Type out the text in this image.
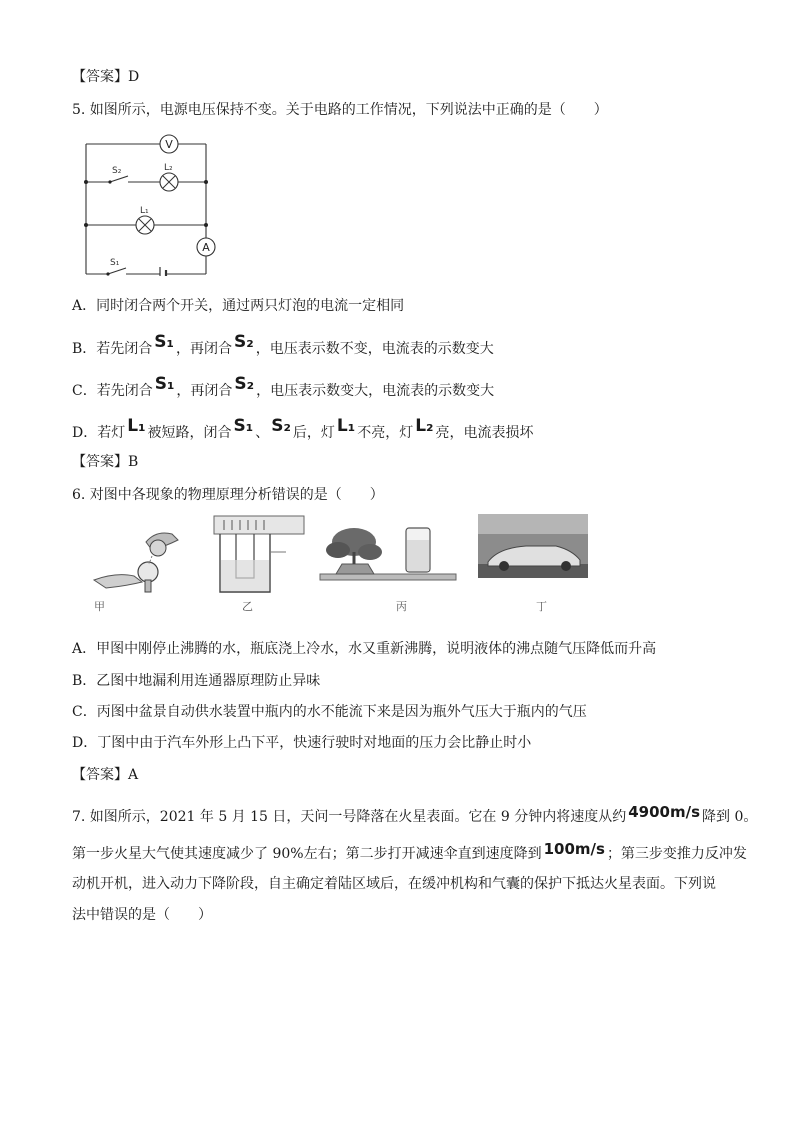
【答案】D
5. 如图所示，电源电压保持不变。关于电路的工作情况，下列说法中正确的是（　　）
V
A
S₂	L₂
L₁
S₁
A．同时闭合两个开关，通过两只灯泡的电流一定相同
B．若先闭合 S₁ ，再闭合 S₂ ，电压表示数不变，电流表的示数变大
C．若先闭合 S₁ ，再闭合 S₂ ，电压表示数变大，电流表的示数变大
D．若灯 L₁ 被短路，闭合 S₁ 、 S₂ 后，灯 L₁ 不亮，灯 L₂ 亮，电流表损坏
【答案】B
6. 对图中各现象的物理原理分析错误的是（　　）
甲	乙	丙	丁
A．甲图中刚停止沸腾的水，瓶底浇上冷水，水又重新沸腾，说明液体的沸点随气压降低而升高
B．乙图中地漏利用连通器原理防止异味
C．丙图中盆景自动供水装置中瓶内的水不能流下来是因为瓶外气压大于瓶内的气压
D．丁图中由于汽车外形上凸下平，快速行驶时对地面的压力会比静止时小
【答案】A
7. 如图所示，2021 年 5 月 15 日，天问一号降落在火星表面。它在 9 分钟内将速度从约 4900m/s 降到 0。
第一步火星大气使其速度减少了 90%左右；第二步打开减速伞直到速度降到 100m/s ；第三步变推力反冲发
动机开机，进入动力下降阶段，自主确定着陆区域后，在缓冲机构和气囊的保护下抵达火星表面。下列说
法中错误的是（　　）
